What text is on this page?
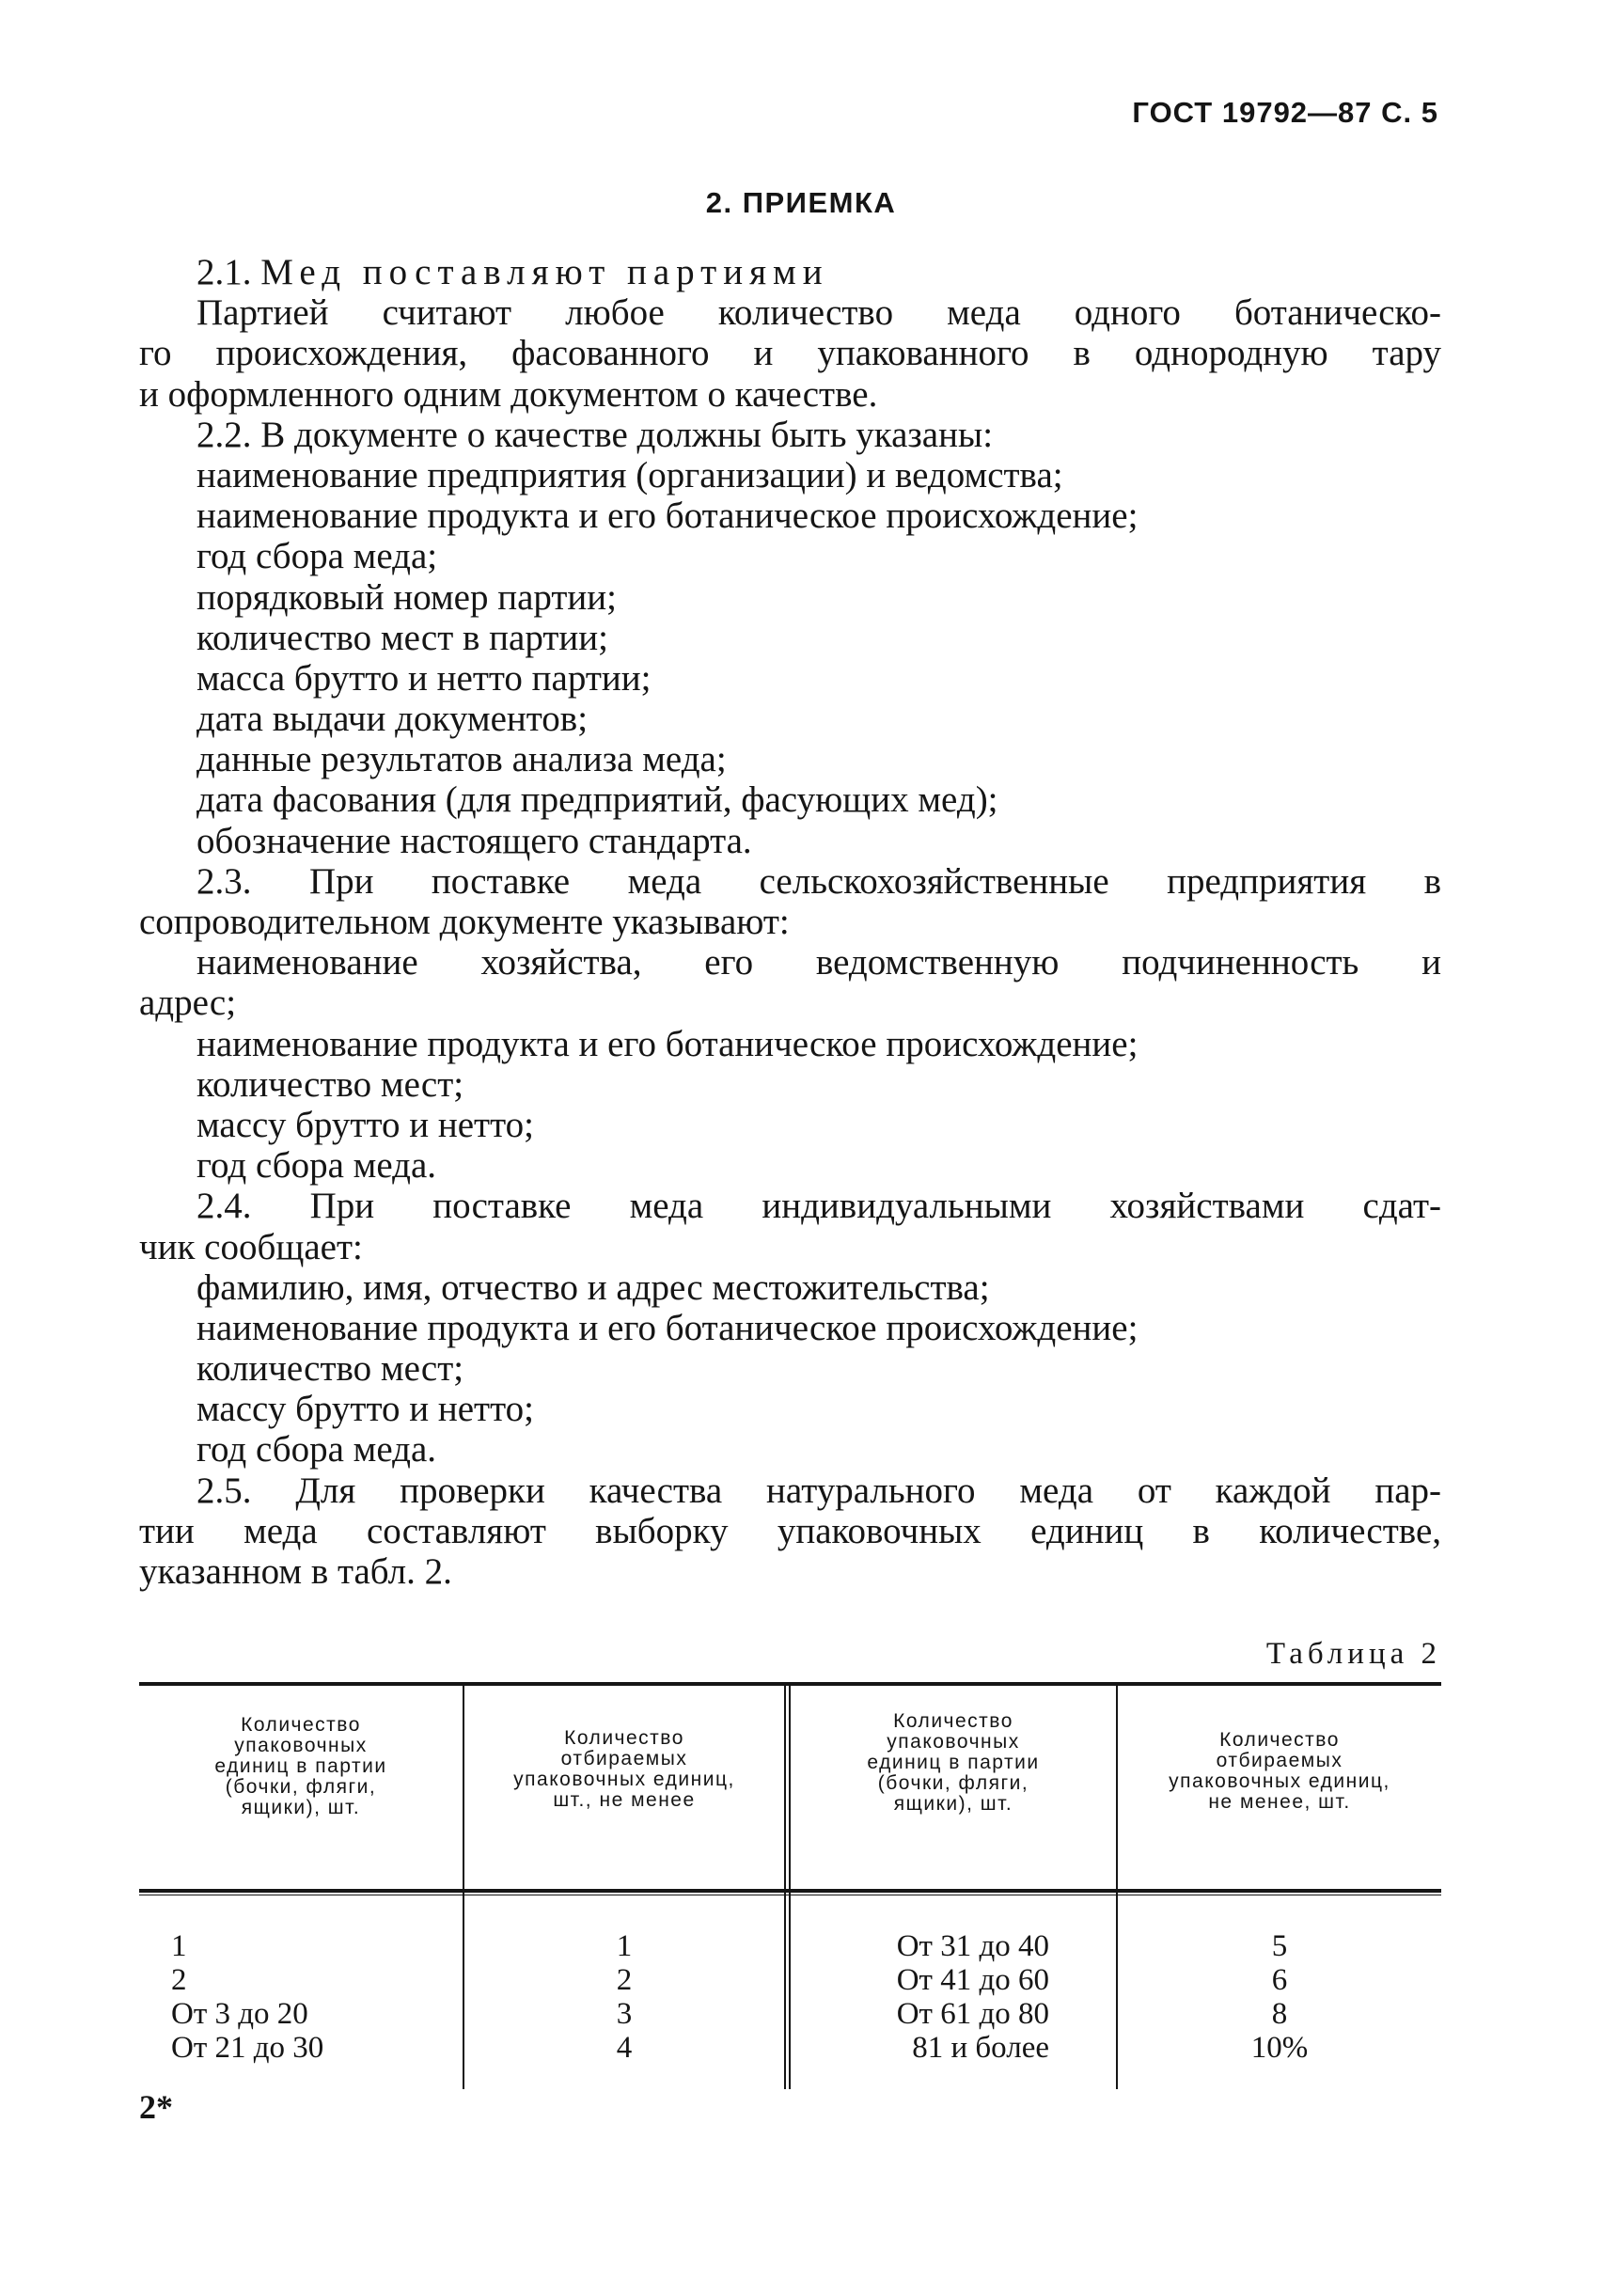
ГОСТ 19792—87 С. 5
2. ПРИЕМКА
2.1. Мед поставляют партиями
Партией считают любое количество меда одного ботаническо-
го происхождения, фасованного и упакованного в однородную тару
и оформленного одним документом о качестве.
2.2. В документе о качестве должны быть указаны:
наименование предприятия (организации) и ведомства;
наименование продукта и его ботаническое происхождение;
год сбора меда;
порядковый номер партии;
количество мест в партии;
масса брутто и нетто партии;
дата выдачи документов;
данные результатов анализа меда;
дата фасования (для предприятий, фасующих мед);
обозначение настоящего стандарта.
2.3. При поставке меда сельскохозяйственные предприятия в
сопроводительном документе указывают:
наименование хозяйства, его ведомственную подчиненность и
адрес;
наименование продукта и его ботаническое происхождение;
количество мест;
массу брутто и нетто;
год сбора меда.
2.4. При поставке меда индивидуальными хозяйствами сдат-
чик сообщает:
фамилию, имя, отчество и адрес местожительства;
наименование продукта и его ботаническое происхождение;
количество мест;
массу брутто и нетто;
год сбора меда.
2.5. Для проверки качества натурального меда от каждой пар-
тии меда составляют выборку упаковочных единиц в количестве,
указанном в табл. 2.
Таблица 2
Количество
упаковочных
единиц в партии
(бочки, фляги,
ящики), шт.
Количество
отбираемых
упаковочных единиц,
шт., не менее
Количество
упаковочных
единиц в партии
(бочки, фляги,
ящики), шт.
Количество
отбираемых
упаковочных единиц,
не менее, шт.
1
2
От 3 до 20
От 21 до 30
1
2
3
4
От 31 до 40
От 41 до 60
От 61 до 80
81 и более
5
6
8
10%
2*
